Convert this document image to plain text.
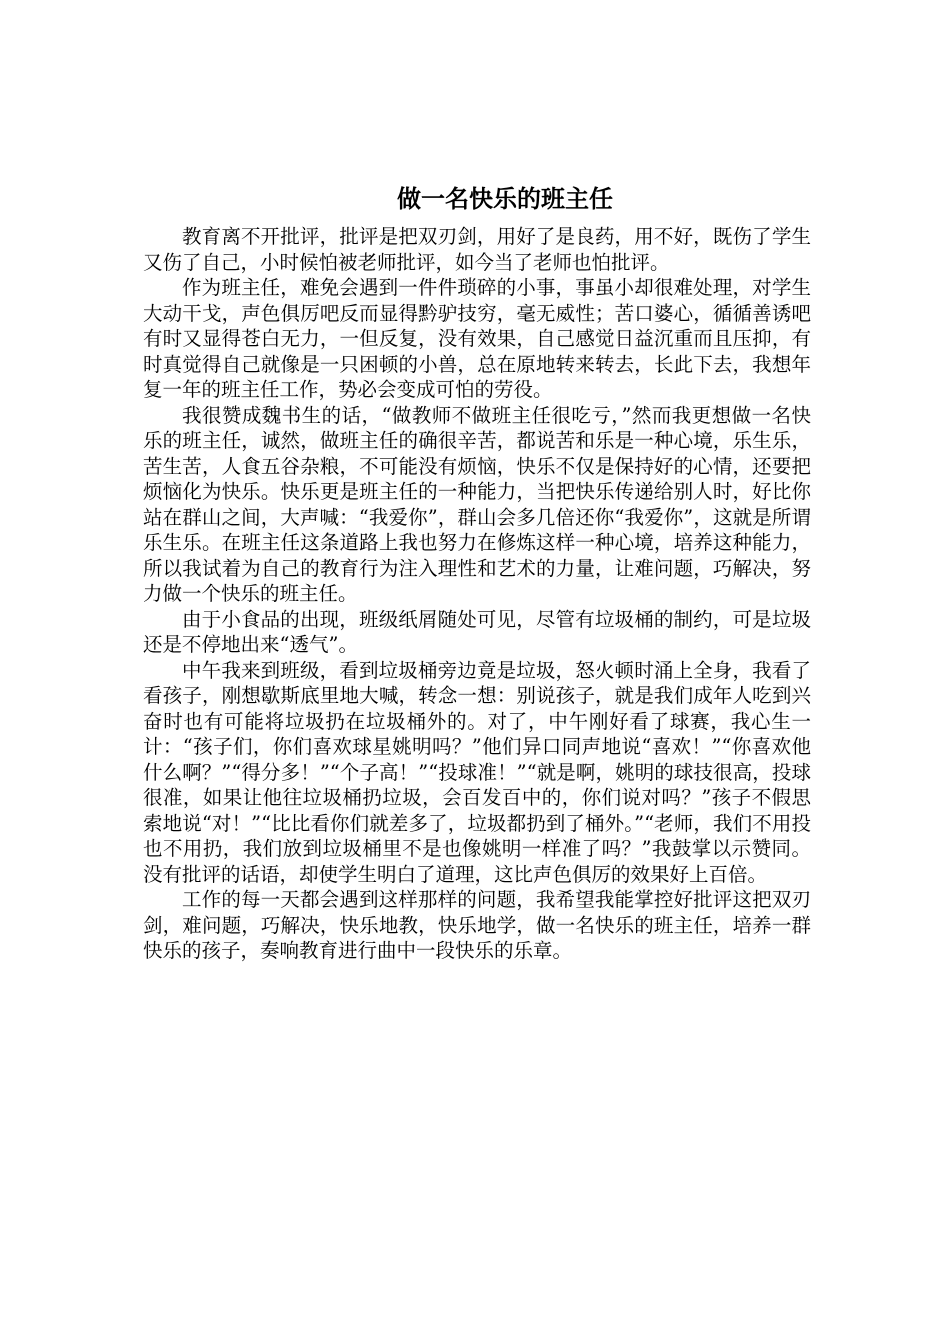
做一名快乐的班主任

教育离不开批评，批评是把双刃剑，用好了是良药，用不好，既伤了学生又伤了自己，小时候怕被老师批评，如今当了老师也怕批评。

作为班主任，难免会遇到一件件琐碎的小事，事虽小却很难处理，对学生大动干戈，声色俱厉吧反而显得黔驴技穷，毫无威性；苦口婆心，循循善诱吧有时又显得苍白无力，一但反复，没有效果，自己感觉日益沉重而且压抑，有时真觉得自己就像是一只困顿的小兽，总在原地转来转去，长此下去，我想年复一年的班主任工作，势必会变成可怕的劳役。

我很赞成魏书生的话，“做教师不做班主任很吃亏，”然而我更想做一名快乐的班主任，诚然，做班主任的确很辛苦，都说苦和乐是一种心境，乐生乐，苦生苦，人食五谷杂粮，不可能没有烦恼，快乐不仅是保持好的心情，还要把烦恼化为快乐。快乐更是班主任的一种能力，当把快乐传递给别人时，好比你站在群山之间，大声喊：“我爱你”，群山会多几倍还你“我爱你”，这就是所谓乐生乐。在班主任这条道路上我也努力在修炼这样一种心境，培养这种能力，所以我试着为自己的教育行为注入理性和艺术的力量，让难问题，巧解决，努力做一个快乐的班主任。

由于小食品的出现，班级纸屑随处可见，尽管有垃圾桶的制约，可是垃圾还是不停地出来“透气”。

中午我来到班级，看到垃圾桶旁边竟是垃圾，怒火顿时涌上全身，我看了看孩子，刚想歇斯底里地大喊，转念一想：别说孩子，就是我们成年人吃到兴奋时也有可能将垃圾扔在垃圾桶外的。对了，中午刚好看了球赛，我心生一计：“孩子们，你们喜欢球星姚明吗？”他们异口同声地说“喜欢！”“你喜欢他什么啊？”“得分多！”“个子高！”“投球准！”“就是啊，姚明的球技很高，投球很准，如果让他往垃圾桶扔垃圾，会百发百中的，你们说对吗？”孩子不假思索地说“对！”“比比看你们就差多了，垃圾都扔到了桶外。”“老师，我们不用投也不用扔，我们放到垃圾桶里不是也像姚明一样准了吗？”我鼓掌以示赞同。没有批评的话语，却使学生明白了道理，这比声色俱厉的效果好上百倍。

工作的每一天都会遇到这样那样的问题，我希望我能掌控好批评这把双刃剑，难问题，巧解决，快乐地教，快乐地学，做一名快乐的班主任，培养一群快乐的孩子，奏响教育进行曲中一段快乐的乐章。
